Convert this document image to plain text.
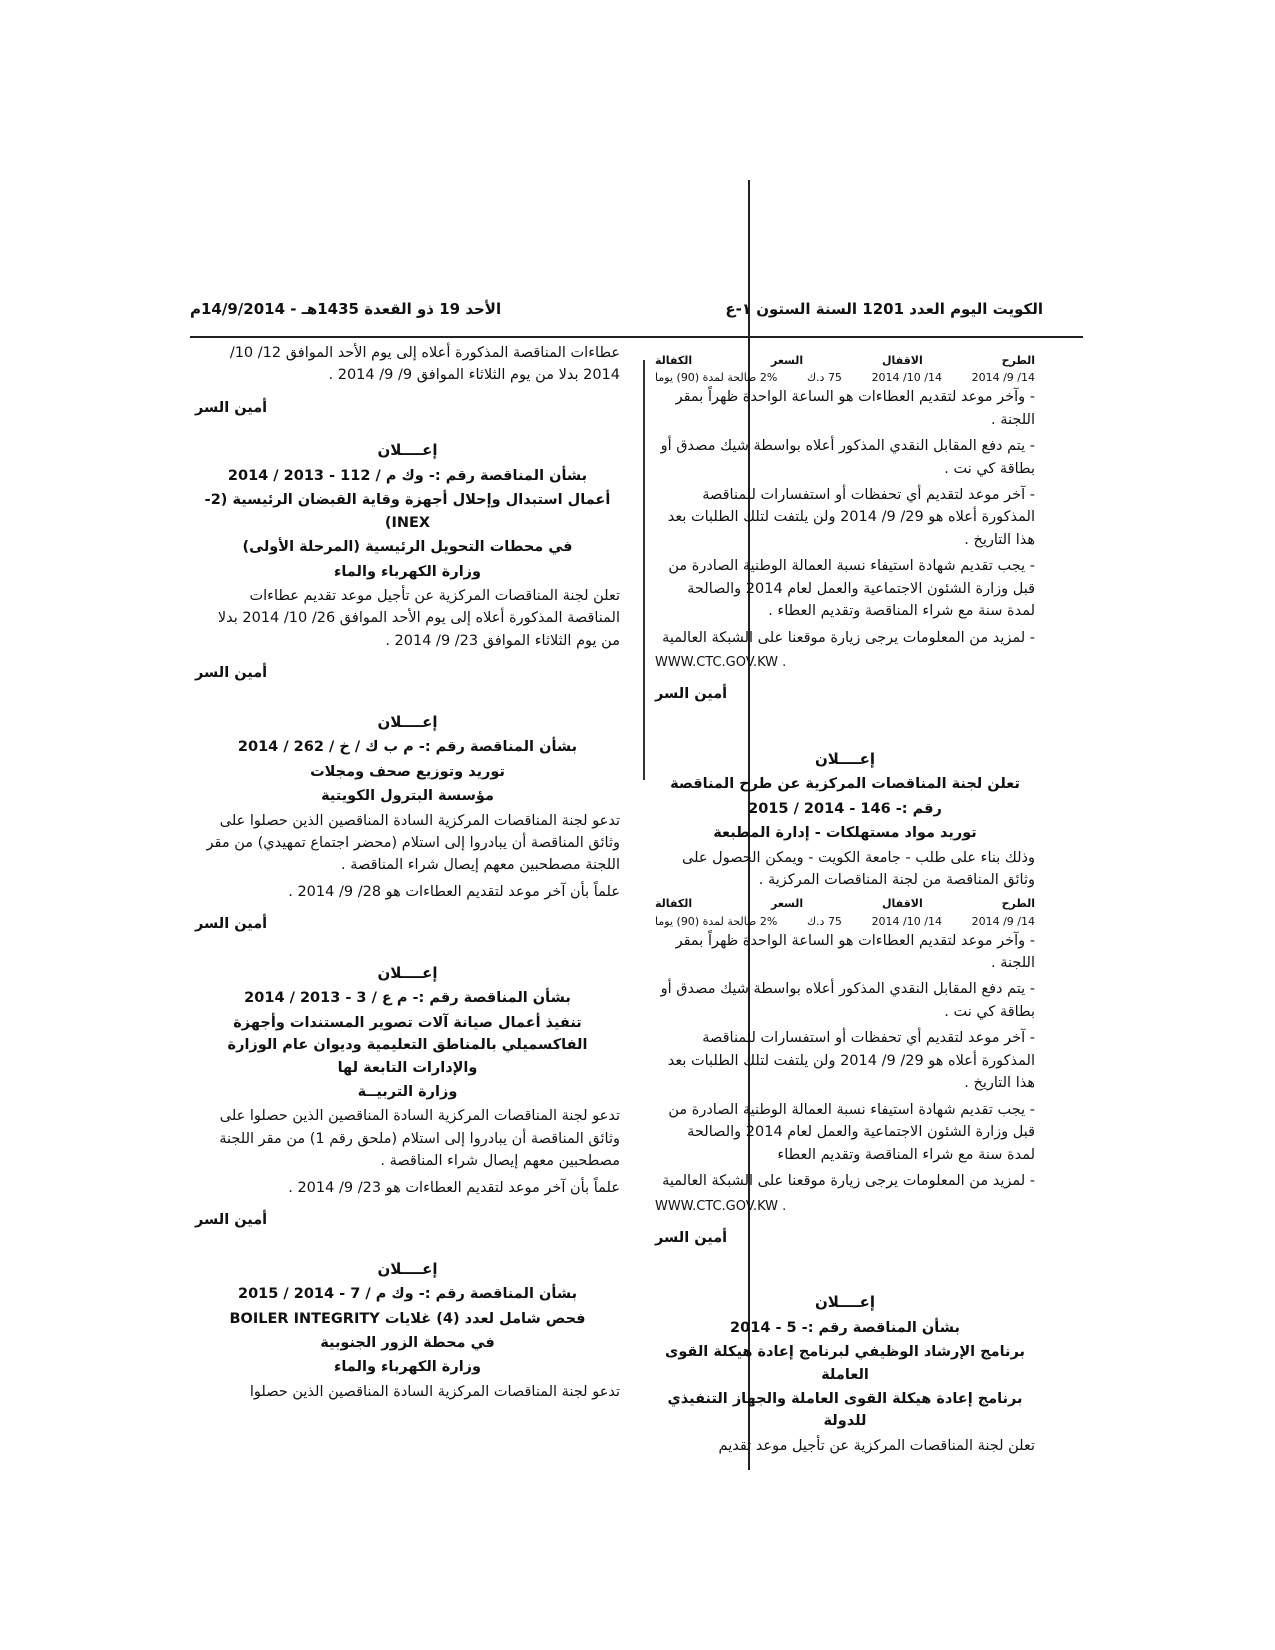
الكويت اليوم العدد 1201 السنة الستون ١-ع
الأحد 19 ذو القعدة 1435هـ - 14/9/2014م
الطرح
الاقفال
السعر
الكفالة
14/ 9/ 2014
14/ 10/ 2014
75 د.ك
2% صالحة لمدة (90) يوما

- وآخر موعد لتقديم العطاءات هو الساعة الواحدة ظهراً بمقر اللجنة .

- يتم دفع المقابل النقدي المذكور أعلاه بواسطة شيك مصدق أو بطاقة كي نت .

- آخر موعد لتقديم أي تحفظات أو استفسارات للمناقصة المذكورة أعلاه هو 29/ 9/ 2014 ولن يلتفت لتلك الطلبات بعد هذا التاريخ .

- يجب تقديم شهادة استيفاء نسبة العمالة الوطنية الصادرة من قبل وزارة الشئون الاجتماعية والعمل لعام 2014 والصالحة لمدة سنة مع شراء المناقصة وتقديم العطاء .

- لمزيد من المعلومات يرجى زيارة موقعنا على الشبكة العالمية

WWW.CTC.GOV.KW .
أمين السر
إعــــلان
تعلن لجنة المناقصات المركزية عن طرح المناقصة
رقم :- 146 - 2014 / 2015
توريد مواد مستهلكات - إدارة المطبعة

وذلك بناء على طلب - جامعة الكويت - ويمكن الحصول على وثائق المناقصة من لجنة المناقصات المركزية .

الطرح
الاقفال
السعر
الكفالة
14/ 9/ 2014
14/ 10/ 2014
75 د.ك
2% صالحة لمدة (90) يوما

- وآخر موعد لتقديم العطاءات هو الساعة الواحدة ظهراً بمقر اللجنة .

- يتم دفع المقابل النقدي المذكور أعلاه بواسطة شيك مصدق أو بطاقة كي نت .

- آخر موعد لتقديم أي تحفظات أو استفسارات للمناقصة المذكورة أعلاه هو 29/ 9/ 2014 ولن يلتفت لتلك الطلبات بعد هذا التاريخ .

- يجب تقديم شهادة استيفاء نسبة العمالة الوطنية الصادرة من قبل وزارة الشئون الاجتماعية والعمل لعام 2014 والصالحة لمدة سنة مع شراء المناقصة وتقديم العطاء

- لمزيد من المعلومات يرجى زيارة موقعنا على الشبكة العالمية

WWW.CTC.GOV.KW .
أمين السر
إعــــلان
بشأن المناقصة رقم :- 5 - 2014
برنامج الإرشاد الوظيفي لبرنامج إعادة هيكلة القوى العاملة
برنامج إعادة هيكلة القوى العاملة والجهاز التنفيذي للدولة

تعلن لجنة المناقصات المركزية عن تأجيل موعد تقديم

عطاءات المناقصة المذكورة أعلاه إلى يوم الأحد الموافق 12/ 10/ 2014 بدلا من يوم الثلاثاء الموافق 9/ 9/ 2014 .

أمين السر
إعــــلان
بشأن المناقصة رقم :- وك م / 112 - 2013 / 2014
أعمال استبدال وإحلال أجهزة وقاية القبضان الرئيسية (2-INEX)
في محطات التحويل الرئيسية (المرحلة الأولى)
وزارة الكهرباء والماء

تعلن لجنة المناقصات المركزية عن تأجيل موعد تقديم عطاءات المناقصة المذكورة أعلاه إلى يوم الأحد الموافق 26/ 10/ 2014 بدلا من يوم الثلاثاء الموافق 23/ 9/ 2014 .

أمين السر
إعــــلان
بشأن المناقصة رقم :- م ب ك / خ / 262 / 2014
توريد وتوزيع صحف ومجلات
مؤسسة البترول الكويتية

تدعو لجنة المناقصات المركزية السادة المناقصين الذين حصلوا على وثائق المناقصة أن يبادروا إلى استلام (محضر اجتماع تمهيدي) من مقر اللجنة مصطحبين معهم إيصال شراء المناقصة .

علماً بأن آخر موعد لتقديم العطاءات هو 28/ 9/ 2014 .

أمين السر
إعــــلان
بشأن المناقصة رقم :- م ع / 3 - 2013 / 2014
تنفيذ أعمال صيانة آلات تصوير المستندات وأجهزة الفاكسميلي بالمناطق التعليمية وديوان عام الوزارة والإدارات التابعة لها
وزارة التربيــة

تدعو لجنة المناقصات المركزية السادة المناقصين الذين حصلوا على وثائق المناقصة أن يبادروا إلى استلام (ملحق رقم 1) من مقر اللجنة مصطحبين معهم إيصال شراء المناقصة .

علماً بأن آخر موعد لتقديم العطاءات هو 23/ 9/ 2014 .

أمين السر
إعــــلان
بشأن المناقصة رقم :- وك م / 7 - 2014 / 2015
فحص شامل لعدد (4) غلايات BOILER INTEGRITY
في محطة الزور الجنوبية
وزارة الكهرباء والماء

تدعو لجنة المناقصات المركزية السادة المناقصين الذين حصلوا
